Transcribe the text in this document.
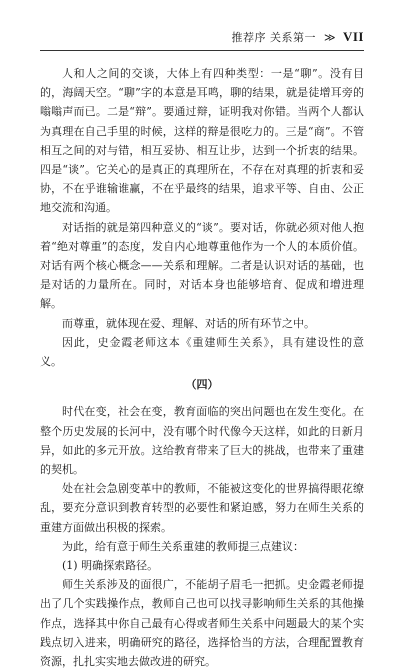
推荐序 关系第一 ≫ VII

人和人之间的交谈，大体上有四种类型：一是“聊”。没有目的，海阔天空。“聊”字的本意是耳鸣，聊的结果，就是徒增耳旁的嗡嗡声而已。二是“辩”。要通过辩，证明我对你错。当两个人都认为真理在自己手里的时候，这样的辩是很吃力的。三是“商”。不管相互之间的对与错，相互妥协、相互让步，达到一个折衷的结果。四是“谈”。它关心的是真正的真理所在，不存在对真理的折衷和妥协，不在乎谁输谁赢，不在乎最终的结果，追求平等、自由、公正地交流和沟通。

对话指的就是第四种意义的“谈”。要对话，你就必须对他人抱着“绝对尊重”的态度，发自内心地尊重他作为一个人的本质价值。对话有两个核心概念——关系和理解。二者是认识对话的基础，也是对话的力量所在。同时，对话本身也能够培育、促成和增进理解。

而尊重，就体现在爱、理解、对话的所有环节之中。

因此，史金霞老师这本《重建师生关系》，具有建设性的意义。

（四）

时代在变，社会在变，教育面临的突出问题也在发生变化。在整个历史发展的长河中，没有哪个时代像今天这样，如此的日新月异，如此的多元开放。这给教育带来了巨大的挑战，也带来了重建的契机。

处在社会急剧变革中的教师，不能被这变化的世界搞得眼花缭乱，要充分意识到教育转型的必要性和紧迫感，努力在师生关系的重建方面做出积极的探索。

为此，给有意于师生关系重建的教师提三点建议：

(1) 明确探索路径。

师生关系涉及的面很广，不能胡子眉毛一把抓。史金霞老师提出了几个实践操作点，教师自己也可以找寻影响师生关系的其他操作点，选择其中你自己最有心得或者师生关系中问题最大的某个实践点切入进来，明确研究的路径，选择恰当的方法，合理配置教育资源，扎扎实实地去做改进的研究。
